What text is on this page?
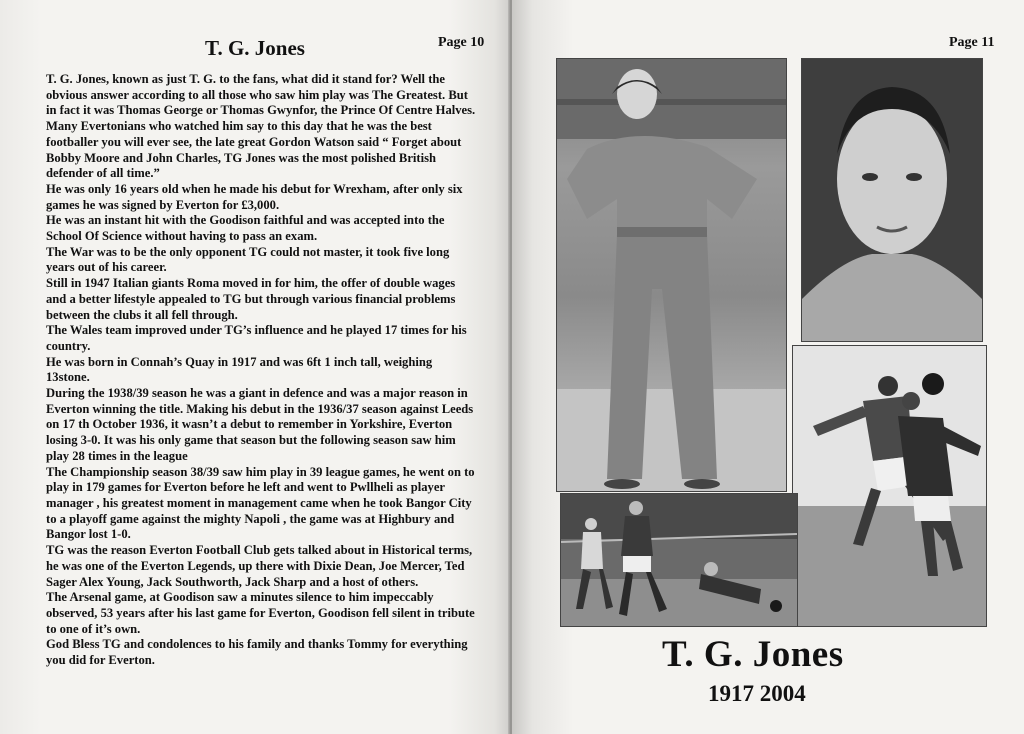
T. G. Jones	Page 10

T. G. Jones, known as just T. G. to the fans, what did it stand for? Well the obvious answer according to all those who saw him play was The Greatest. But in fact it was Thomas George or Thomas Gwynfor, the Prince Of Centre Halves.

Many Evertonians who watched him say to this day that he was the best footballer you will ever see, the late great Gordon Watson said “ Forget about Bobby Moore and John Charles, TG Jones was the most polished British defender of all time.”

He was only 16 years old when he made his debut for Wrexham, after only six games he was signed by Everton for £3,000.

He was an instant hit with the Goodison faithful and was accepted into the School Of Science without having to pass an exam.

The War was to be the only opponent TG could not master, it took five long years out of his career.

Still in 1947 Italian giants Roma moved in for him, the offer of double wages and a better lifestyle appealed to TG but through various financial problems between the clubs it all fell through.

The Wales team improved under TG’s influence and he played 17 times for his country.

He was born in Connah’s Quay in 1917 and was 6ft 1 inch tall, weighing 13stone.

During the 1938/39 season he was a giant in defence and was a major reason in Everton winning the title. Making his debut in the 1936/37 season against Leeds on 17 th October 1936, it wasn’t a debut to remember in Yorkshire, Everton losing 3-0. It was his only game that season but the following season saw him play 28 times in the league

The Championship season 38/39 saw him play in 39 league games, he went on to play in 179 games for Everton before he left and went to Pwllheli as player manager , his greatest moment in management came when he took Bangor City to a playoff game against the mighty Napoli , the game was at Highbury and Bangor lost 1-0.

TG was the reason Everton Football Club gets talked about in Historical terms, he was one of the Everton Legends, up there with Dixie Dean, Joe Mercer, Ted Sager Alex Young, Jack Southworth, Jack Sharp and a host of others.

The Arsenal game, at Goodison saw a minutes silence to him impeccably observed, 53 years after his last game for Everton, Goodison fell silent in tribute to one of it’s own.

God Bless TG and condolences to his family and thanks Tommy for everything you did for Everton.

Page 11
T. G. Jones
1917 2004
